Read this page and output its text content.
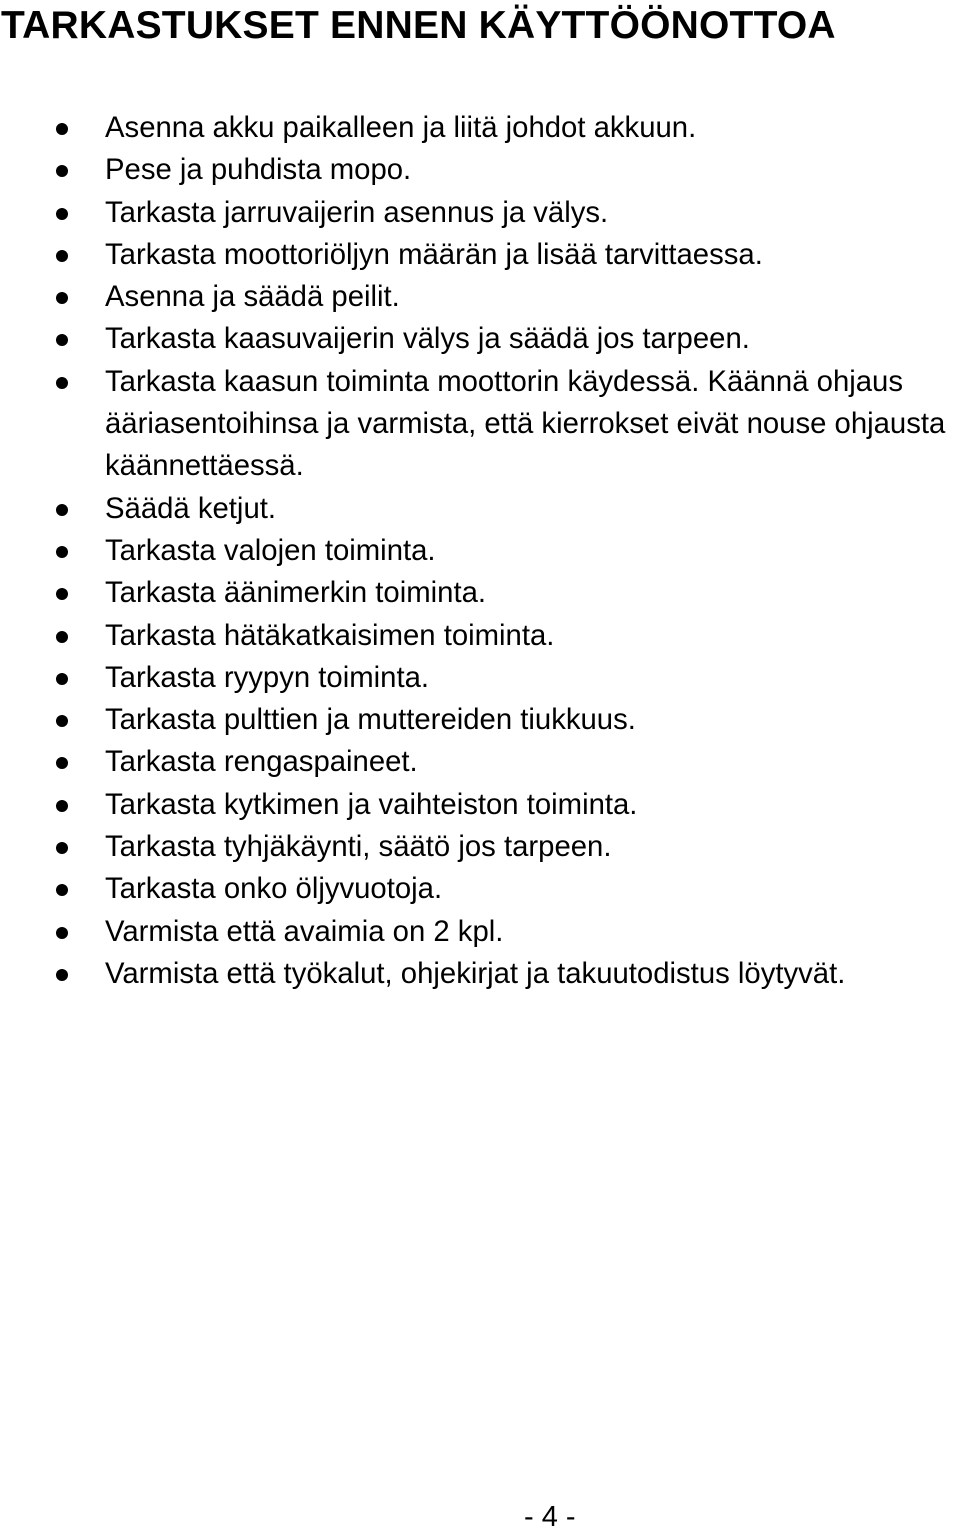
TARKASTUKSET ENNEN KÄYTTÖÖNOTTOA
Asenna akku paikalleen ja liitä johdot akkuun.
Pese ja puhdista mopo.
Tarkasta jarruvaijerin asennus ja välys.
Tarkasta moottoriöljyn määrän ja lisää tarvittaessa.
Asenna ja säädä peilit.
Tarkasta kaasuvaijerin välys ja säädä jos tarpeen.
Tarkasta kaasun toiminta moottorin käydessä. Käännä ohjaus ääriasentoihinsa ja varmista, että kierrokset eivät nouse ohjausta käännettäessä.
Säädä ketjut.
Tarkasta valojen toiminta.
Tarkasta äänimerkin toiminta.
Tarkasta hätäkatkaisimen toiminta.
Tarkasta ryypyn toiminta.
Tarkasta pulttien ja muttereiden tiukkuus.
Tarkasta rengaspaineet.
Tarkasta kytkimen ja vaihteiston toiminta.
Tarkasta tyhjäkäynti, säätö jos tarpeen.
Tarkasta onko öljyvuotoja.
Varmista että avaimia on 2 kpl.
Varmista että työkalut, ohjekirjat ja takuutodistus löytyvät.
- 4 -
